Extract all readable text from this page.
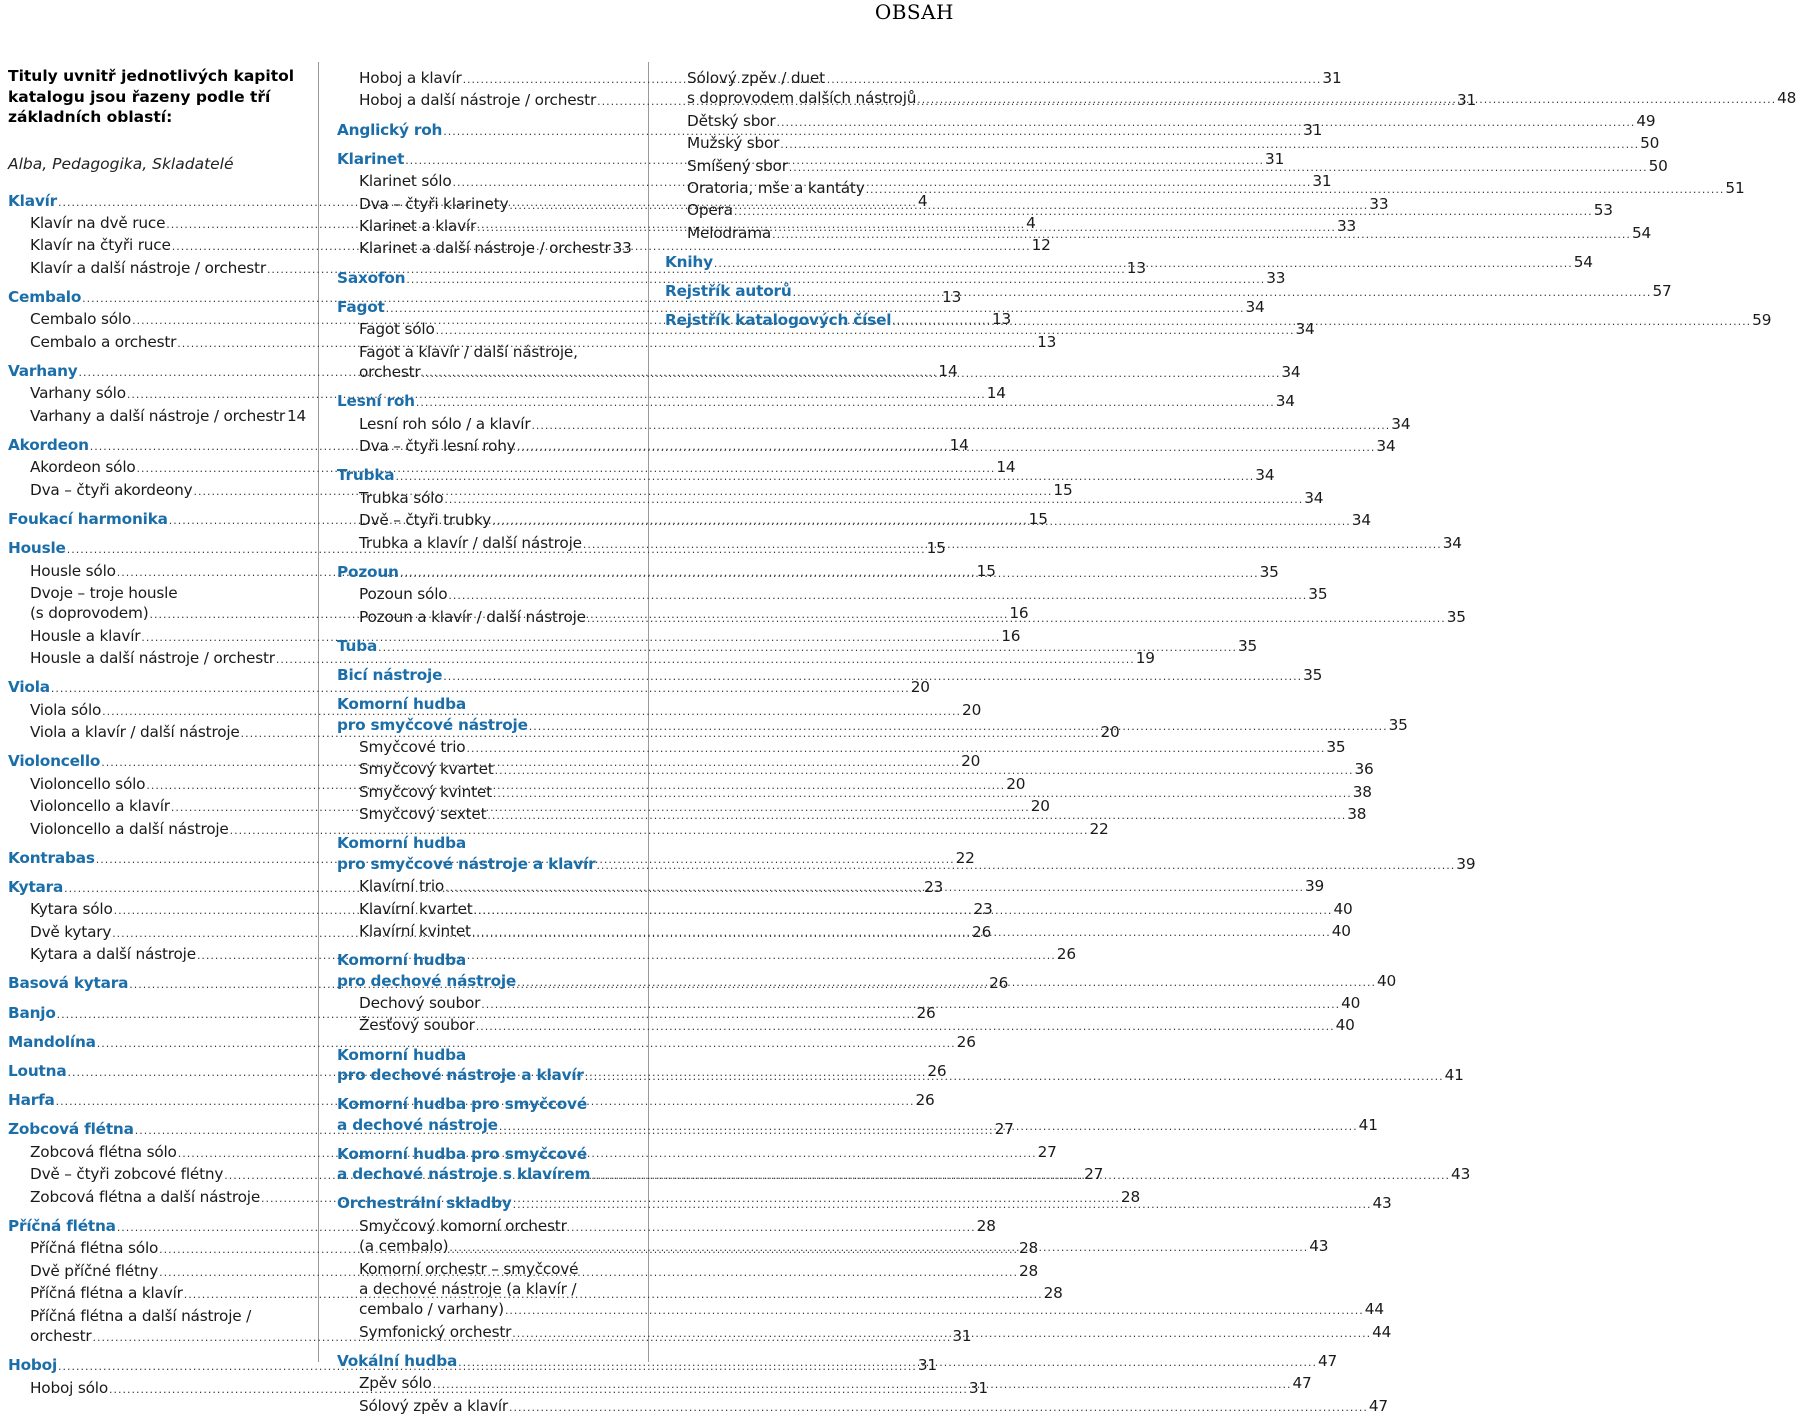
OBSAH
Tituly uvnitř jednotlivých kapitol katalogu jsou řazeny podle tří základních oblastí:
Alba, Pedagogika, Skladatelé
Klavír .....	4
Klavír na dvě ruce .....	4
Klavír na čtyři ruce .....	12
Klavír a další nástroje / orchestr .....	13
Cembalo .....	13
Cembalo sólo .....	13
Cembalo a orchestr .....	13
Varhany .....	14
Varhany sólo .....	14
Varhany a další nástroje / orchestr 14
Akordeon .....	14
Akordeon sólo .....	14
Dva – čtyři akordeony .....	15
Foukací harmonika .....	15
Housle .....	15
Housle sólo .....	15
Dvoje – troje housle
(s doprovodem) .....	16
Housle a klavír .....	16
Housle a další nástroje / orchestr .....	19
Viola .....	20
Viola sólo .....	20
Viola a klavír / další nástroje .....	20
Violoncello .....	20
Violoncello sólo .....	20
Violoncello a klavír .....	20
Violoncello a další nástroje .....	22
Kontrabas .....	22
Kytara .....	23
Kytara sólo .....	23
Dvě kytary .....	26
Kytara a další nástroje .....	26
Basová kytara .....	26
Banjo .....	26
Mandolína .....	26
Loutna .....	26
Harfa .....	26
Zobcová flétna .....	27
Zobcová flétna sólo .....	27
Dvě – čtyři zobcové flétny .....	27
Zobcová flétna a další nástroje .....	28
Příčná flétna .....	28
Příčná flétna sólo .....	28
Dvě příčné flétny .....	28
Příčná flétna a klavír .....	28
Příčná flétna a další nástroje /
orchestr .....	31
Hoboj .....	31
Hoboj sólo .....	31
Hoboj a klavír .....	31
Hoboj a další nástroje / orchestr .....	31
Anglický roh .....	31
Klarinet .....	31
Klarinet sólo .....	31
Dva – čtyři klarinety .....	33
Klarinet a klavír .....	33
Klarinet a další nástroje / orchestr 33
Saxofon .....	33
Fagot .....	34
Fagot sólo .....	34
Fagot a klavír / další nástroje,
orchestr .....	34
Lesní roh .....	34
Lesní roh sólo / a klavír .....	34
Dva – čtyři lesní rohy .....	34
Trubka .....	34
Trubka sólo .....	34
Dvě – čtyři trubky .....	34
Trubka a klavír / další nástroje .....	34
Pozoun .....	35
Pozoun sólo .....	35
Pozoun a klavír / další nástroje .....	35
Tuba .....	35
Bicí nástroje .....	35
Komorní hudba
pro smyčcové nástroje .....	35
Smyčcové trio .....	35
Smyčcový kvartet .....	36
Smyčcový kvintet .....	38
Smyčcový sextet .....	38
Komorní hudba
pro smyčcové nástroje a klavír .....	39
Klavírní trio .....	39
Klavírní kvartet .....	40
Klavírní kvintet .....	40
Komorní hudba
pro dechové nástroje .....	40
Dechový soubor .....	40
Žesťový soubor .....	40
Komorní hudba
pro dechové nástroje a klavír .....	41
Komorní hudba pro smyčcové
a dechové nástroje .....	41
Komorní hudba pro smyčcové
a dechové nástroje s klavírem .....	43
Orchestrální skladby .....	43
Smyčcový komorní orchestr
(a cembalo) .....	43
Komorní orchestr – smyčcové
a dechové nástroje (a klavír /
cembalo / varhany) .....	44
Symfonický orchestr .....	44
Vokální hudba .....	47
Zpěv sólo .....	47
Sólový zpěv a klavír .....	47
Sólový zpěv / duet
s doprovodem dalších nástrojů .....	48
Dětský sbor .....	49
Mužský sbor .....	50
Smíšený sbor .....	50
Oratoria, mše a kantáty .....	51
Opera .....	53
Melodrama .....	54
Knihy .....	54
Rejstřík autorů .....	57
Rejstřík katalogových čísel .....	59
